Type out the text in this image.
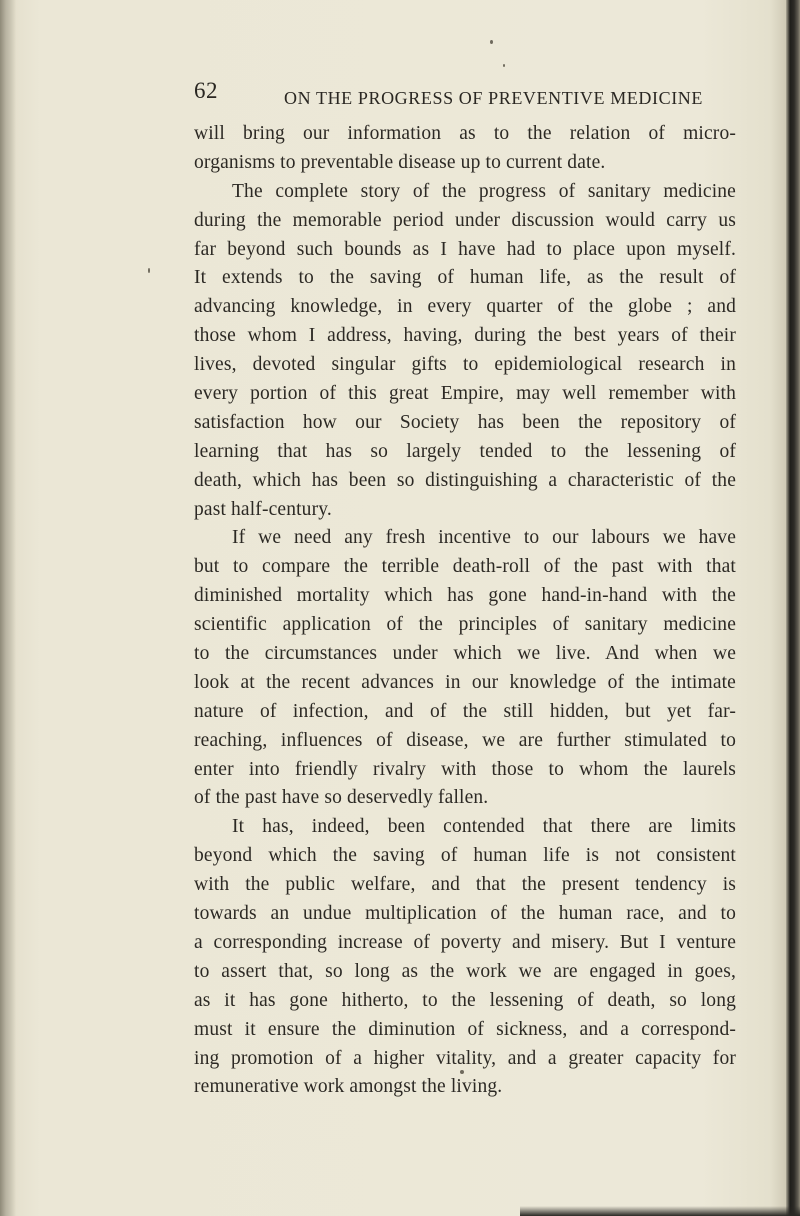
62	ON THE PROGRESS OF PREVENTIVE MEDICINE
will bring our information as to the relation of micro-
organisms to preventable disease up to current date.
The complete story of the progress of sanitary medicine
during the memorable period under discussion would carry us
far beyond such bounds as I have had to place upon myself.
It extends to the saving of human life, as the result of
advancing knowledge, in every quarter of the globe ; and
those whom I address, having, during the best years of their
lives, devoted singular gifts to epidemiological research in
every portion of this great Empire, may well remember with
satisfaction how our Society has been the repository of
learning that has so largely tended to the lessening of
death, which has been so distinguishing a characteristic of the
past half-century.
If we need any fresh incentive to our labours we have
but to compare the terrible death-roll of the past with that
diminished mortality which has gone hand-in-hand with the
scientific application of the principles of sanitary medicine
to the circumstances under which we live. And when we
look at the recent advances in our knowledge of the intimate
nature of infection, and of the still hidden, but yet far-
reaching, influences of disease, we are further stimulated to
enter into friendly rivalry with those to whom the laurels
of the past have so deservedly fallen.
It has, indeed, been contended that there are limits
beyond which the saving of human life is not consistent
with the public welfare, and that the present tendency is
towards an undue multiplication of the human race, and to
a corresponding increase of poverty and misery. But I venture
to assert that, so long as the work we are engaged in goes,
as it has gone hitherto, to the lessening of death, so long
must it ensure the diminution of sickness, and a correspond-
ing promotion of a higher vitality, and a greater capacity for
remunerative work amongst the living.
